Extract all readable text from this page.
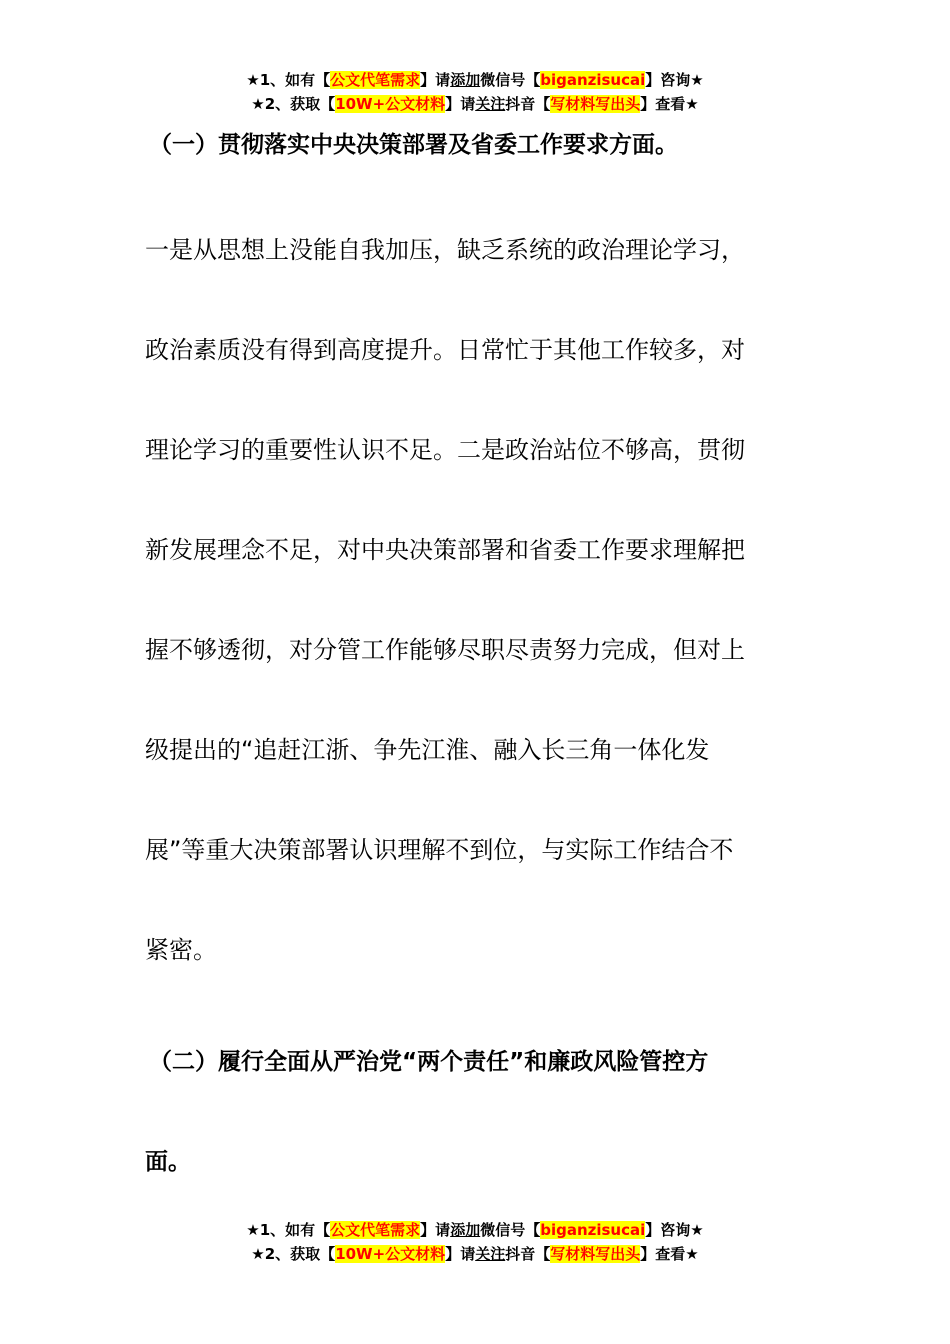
★1、如有【公文代笔需求】请添加微信号【biganzisucai】咨询★
★2、获取【10W+公文材料】请关注抖音【写材料写出头】查看★

（一）贯彻落实中央决策部署及省委工作要求方面。

一是从思想上没能自我加压，缺乏系统的政治理论学习，
政治素质没有得到高度提升。日常忙于其他工作较多，对
理论学习的重要性认识不足。二是政治站位不够高，贯彻
新发展理念不足，对中央决策部署和省委工作要求理解把
握不够透彻，对分管工作能够尽职尽责努力完成，但对上
级提出的“追赶江浙、争先江淮、融入长三角一体化发
展”等重大决策部署认识理解不到位，与实际工作结合不
紧密。

（二）履行全面从严治党“两个责任”和廉政风险管控方
面。

★1、如有【公文代笔需求】请添加微信号【biganzisucai】咨询★
★2、获取【10W+公文材料】请关注抖音【写材料写出头】查看★
